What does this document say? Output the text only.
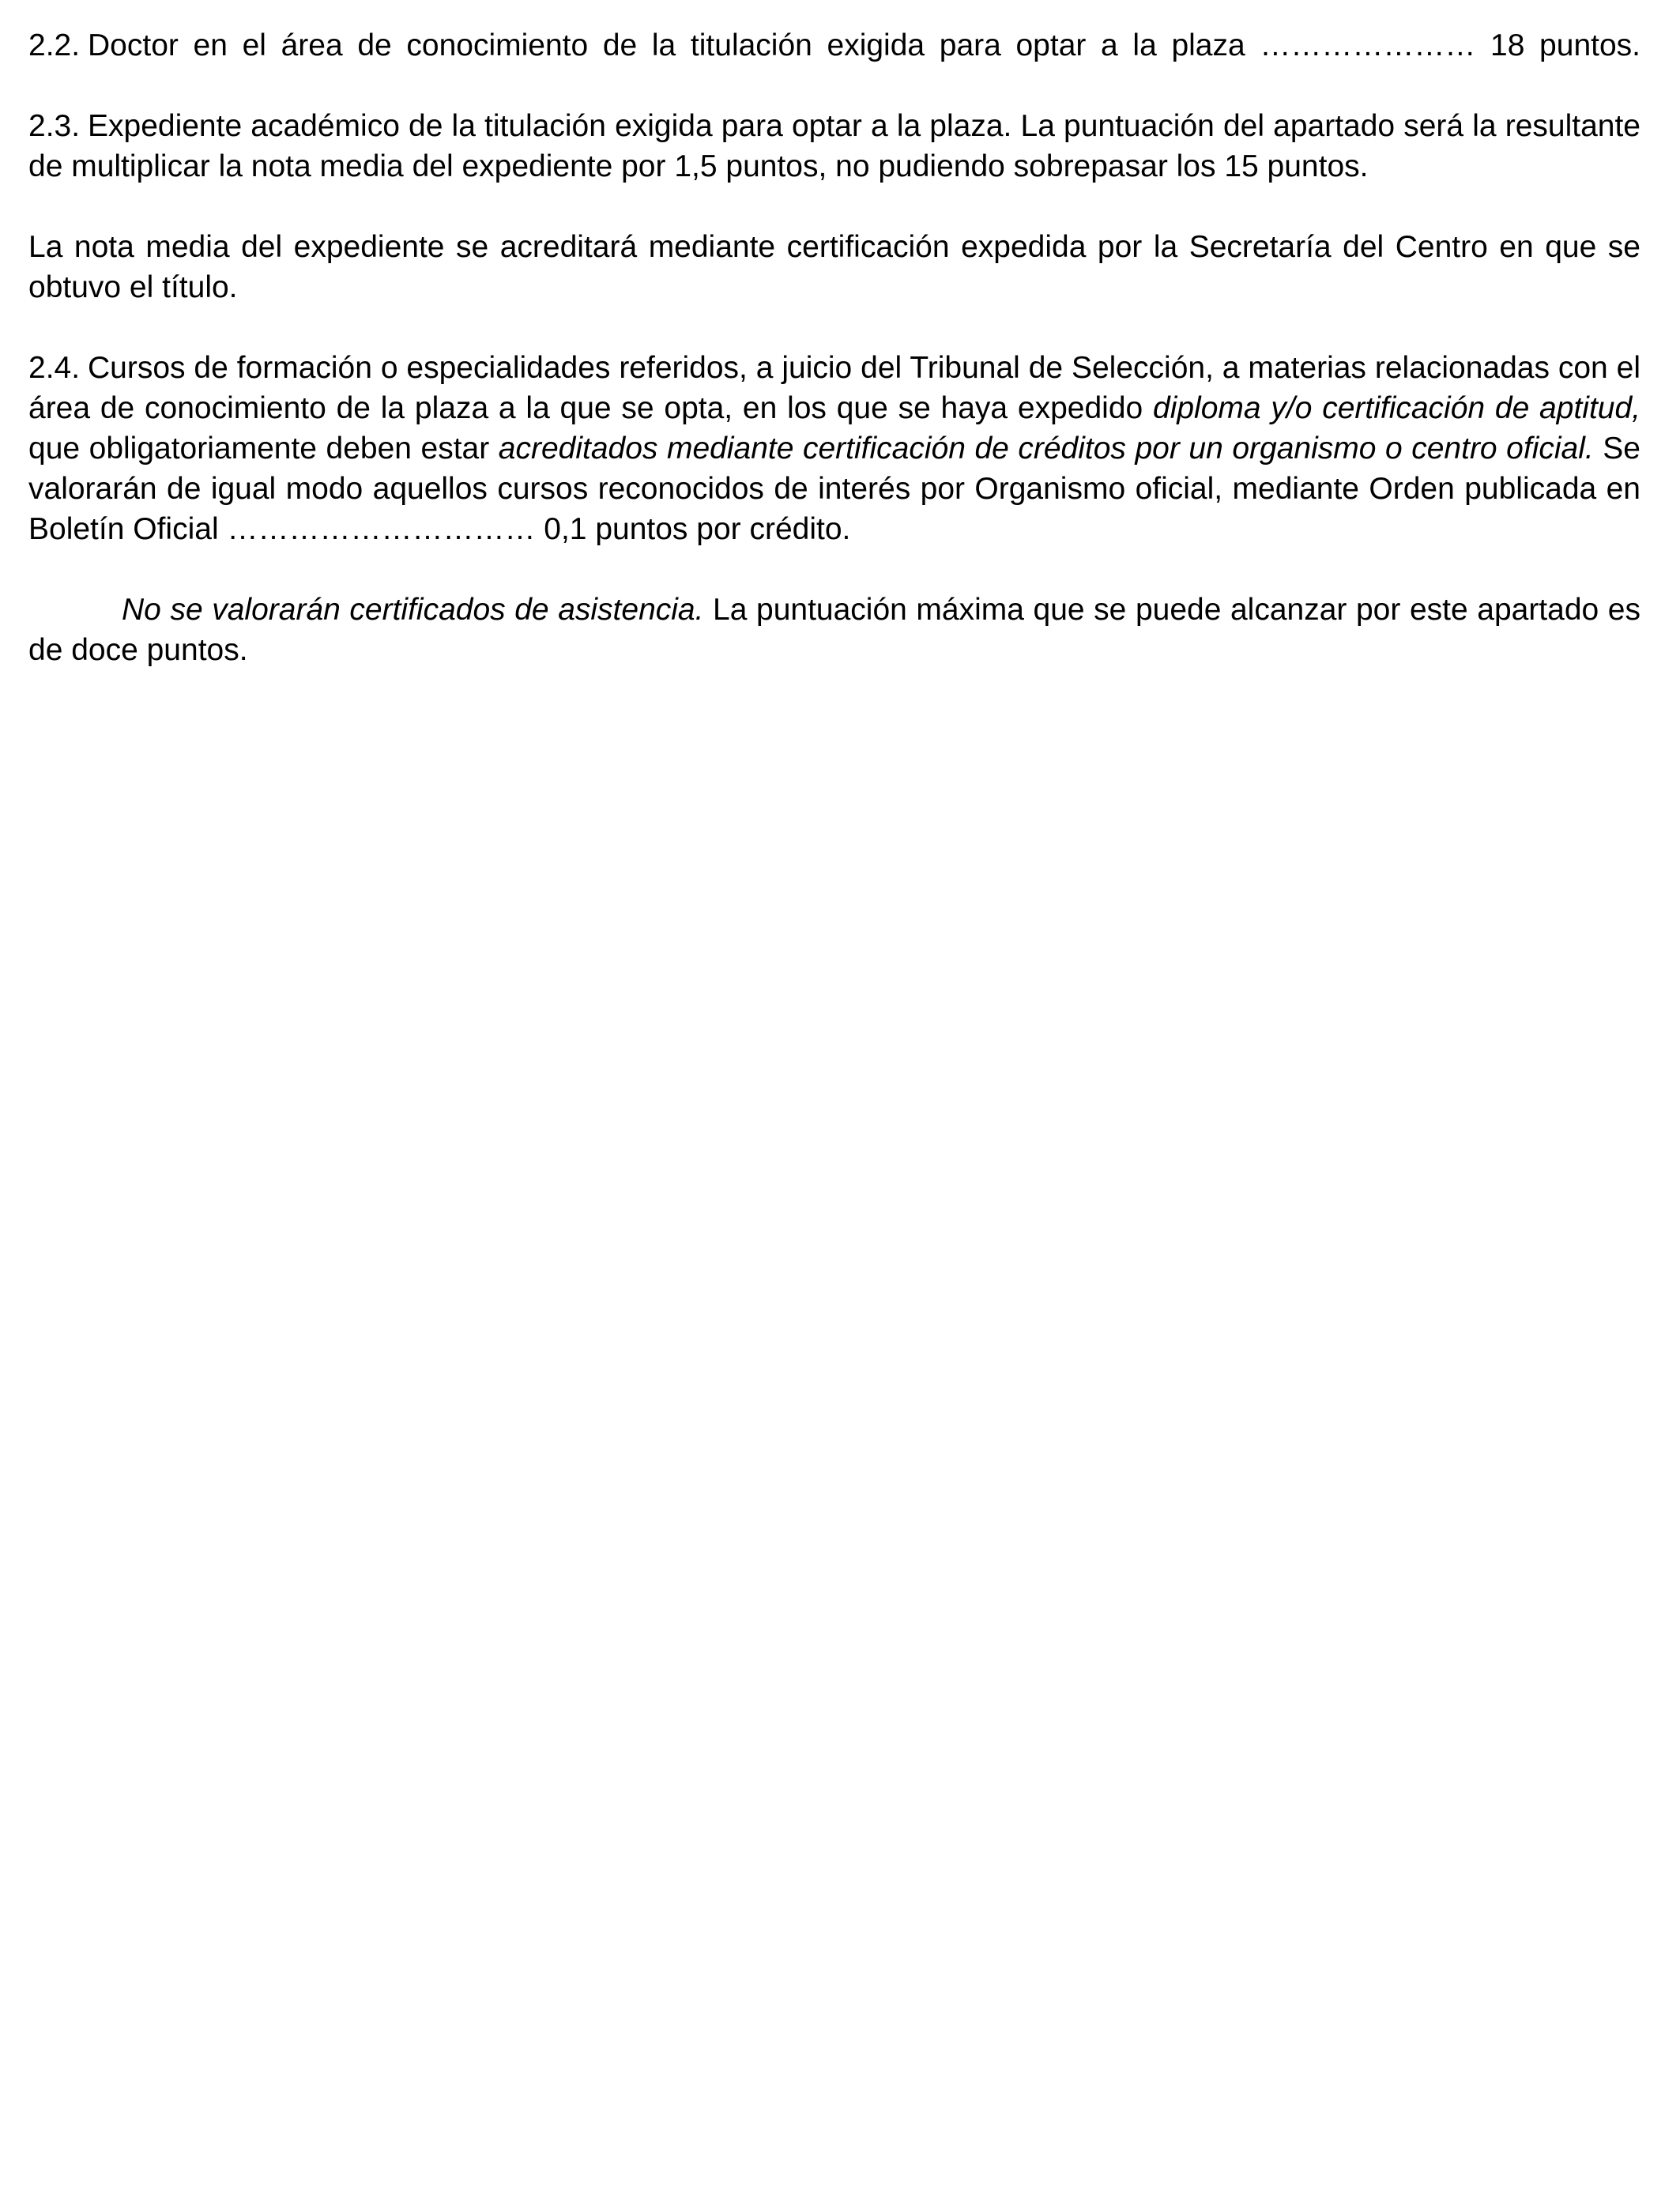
2.2. Doctor en el área de conocimiento de la titulación exigida para optar a la plaza ………………… 18 puntos.

2.3. Expediente académico de la titulación exigida para optar a la plaza. La puntuación del apartado será la resultante de multiplicar la nota media del expediente por 1,5 puntos, no pudiendo sobrepasar los 15 puntos.

La nota media del expediente se acreditará mediante certificación expedida por la Secretaría del Centro en que se obtuvo el título.

2.4. Cursos de formación o especialidades referidos, a juicio del Tribunal de Selección, a materias relacionadas con el área de conocimiento de la plaza a la que se opta, en los que se haya expedido diploma y/o certificación de aptitud, que obligatoriamente deben estar acreditados mediante certificación de créditos por un organismo o centro oficial. Se valorarán de igual modo aquellos cursos reconocidos de interés por Organismo oficial, mediante Orden publicada en Boletín Oficial ………………………… 0,1 puntos por crédito.

No se valorarán certificados de asistencia. La puntuación máxima que se puede alcanzar por este apartado es de doce puntos.
